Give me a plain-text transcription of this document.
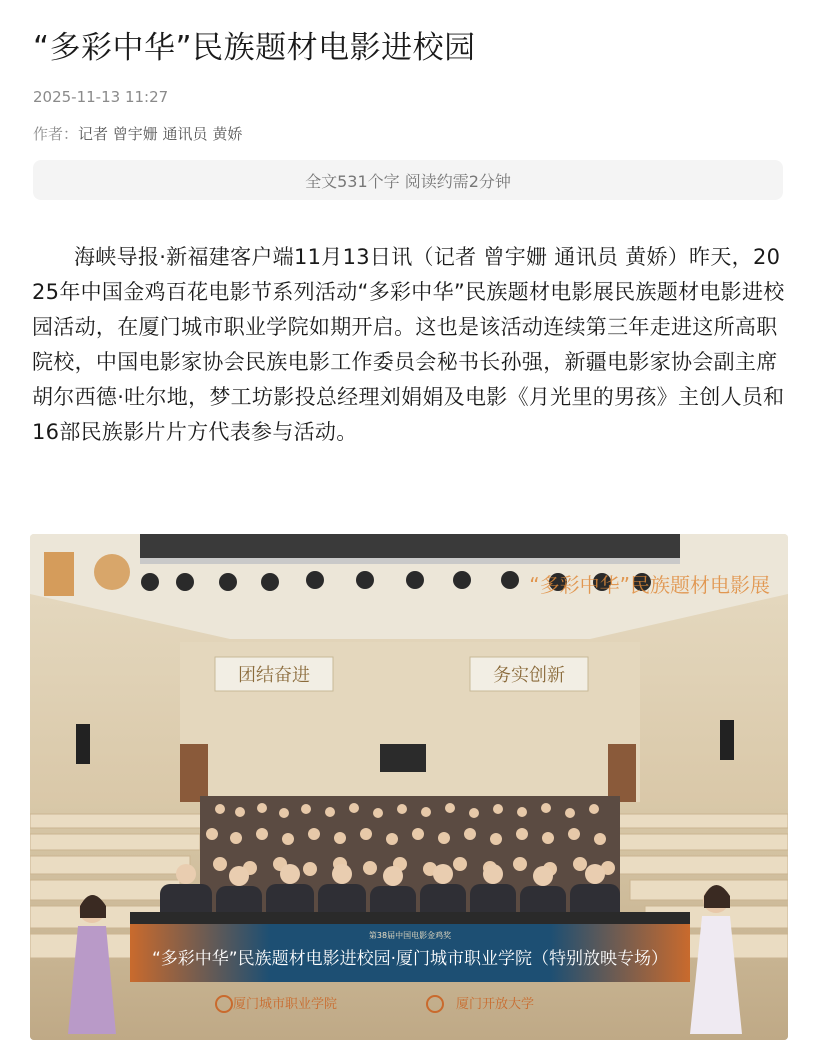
“多彩中华”民族题材电影进校园
2025-11-13 11:27
作者：记者 曾宇姗 通讯员 黄娇
全文531个字 阅读约需2分钟

海峡导报·新福建客户端11月13日讯（记者 曾宇姗 通讯员 黄娇）昨天，2025年中国金鸡百花电影节系列活动“多彩中华”民族题材电影展民族题材电影进校园活动，在厦门城市职业学院如期开启。这也是该活动连续第三年走进这所高职院校，中国电影家协会民族电影工作委员会秘书长孙强，新疆电影家协会副主席胡尔西德·吐尔地，梦工坊影投总经理刘娟娟及电影《月光里的男孩》主创人员和16部民族影片片方代表参与活动。

“多彩中华”民族题材电影展
团结奋进	务实创新
第38届中国电影金鸡奖
“多彩中华”民族题材电影进校园·厦门城市职业学院（特别放映专场）
厦门城市职业学院	厦门开放大学
